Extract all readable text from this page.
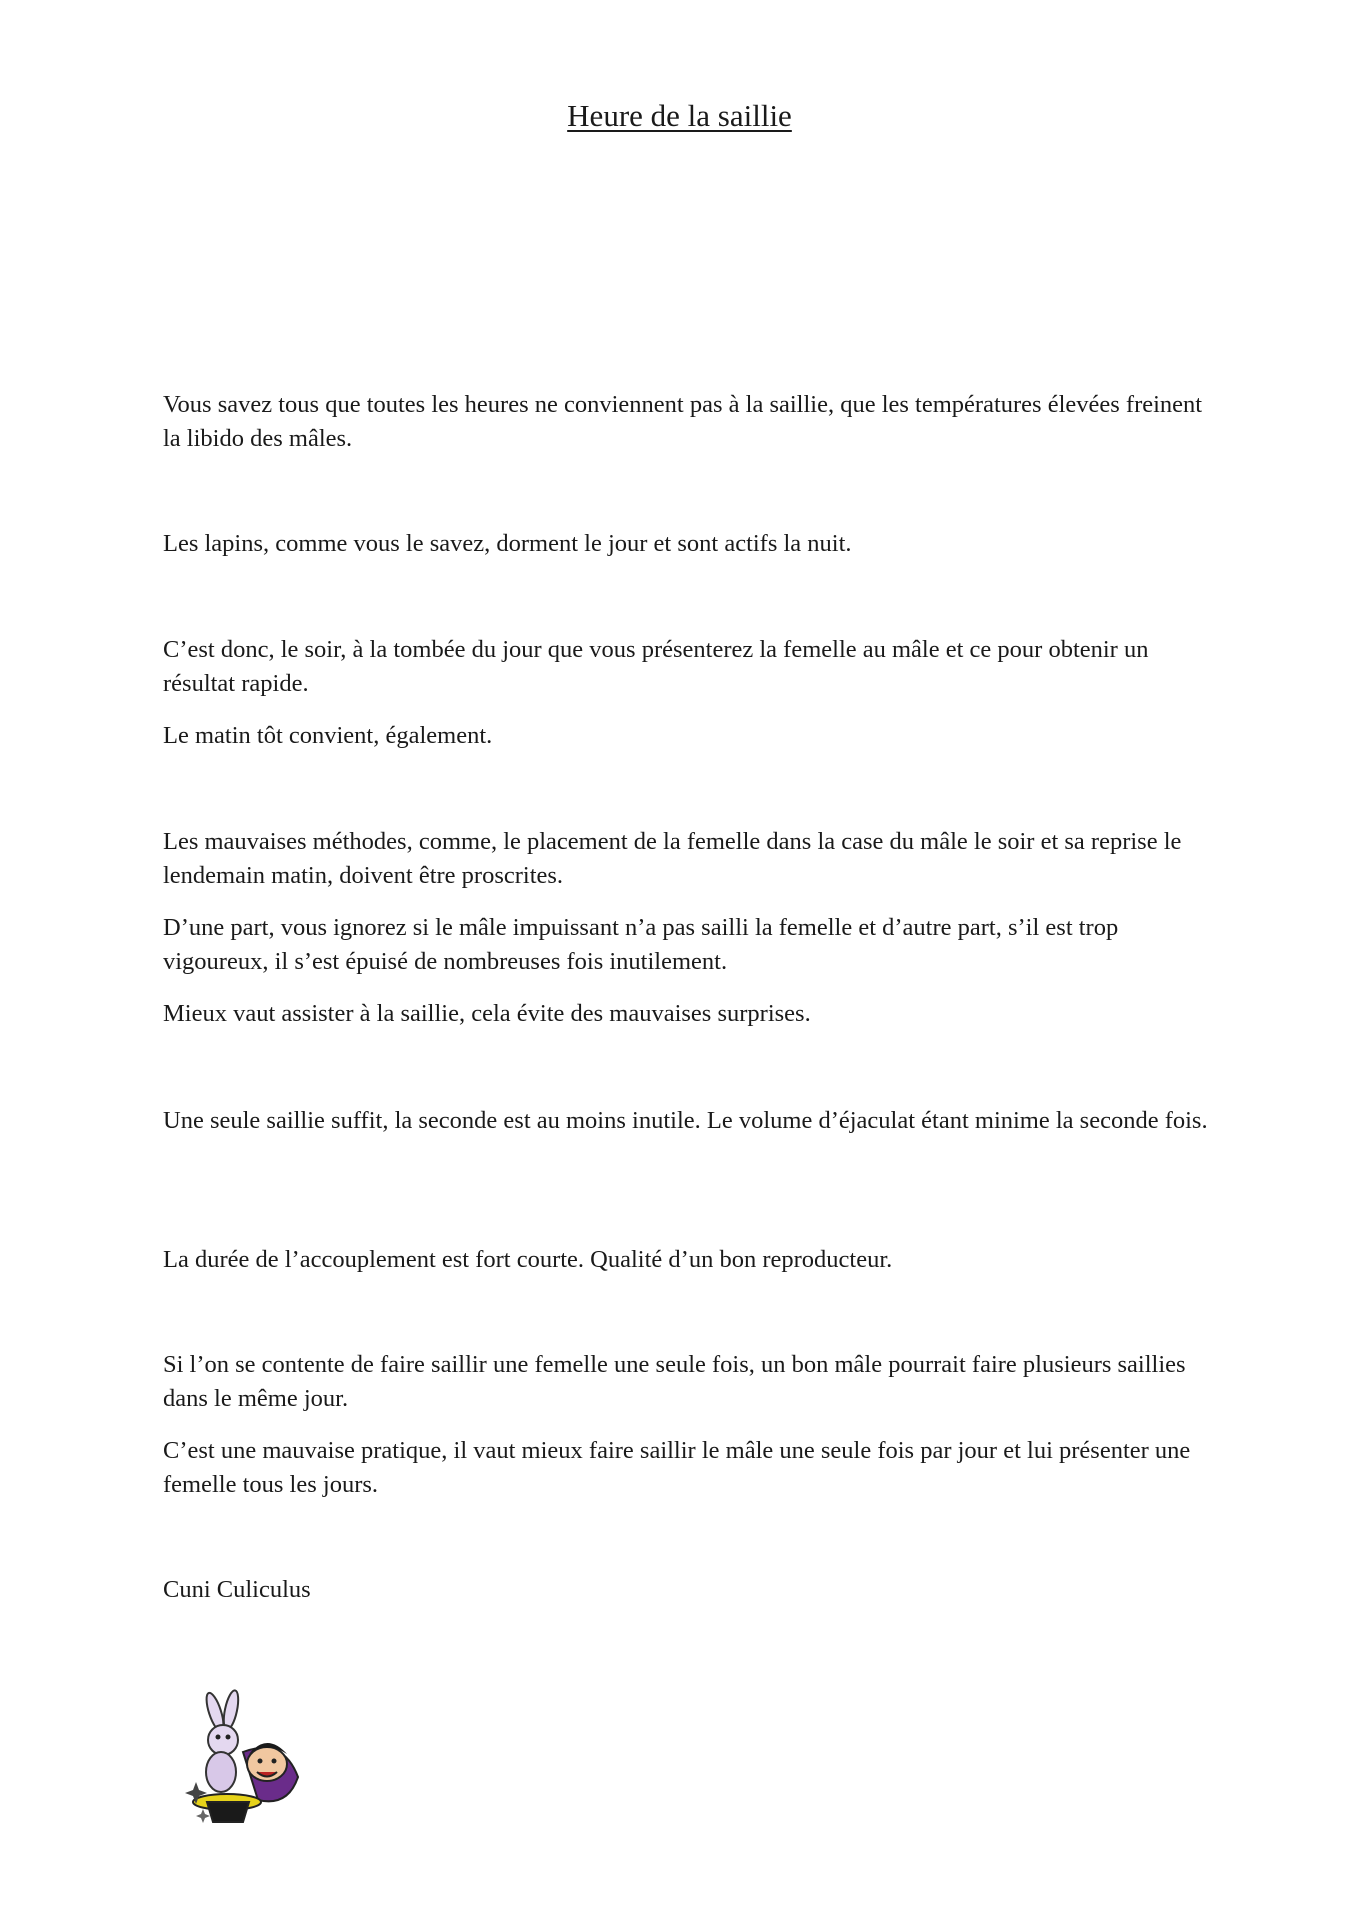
Heure de la saillie

Vous savez tous que toutes les heures ne conviennent pas à la saillie, que les températures élevées freinent la libido des mâles.

Les lapins, comme vous le savez, dorment le jour et sont actifs la nuit.

C’est donc, le soir, à la tombée du jour que vous présenterez la femelle au mâle et ce pour obtenir un résultat rapide.

Le matin tôt convient, également.

Les mauvaises méthodes, comme, le placement de la femelle dans la case du mâle le soir et sa reprise le lendemain matin, doivent être proscrites.

D’une part, vous ignorez si le mâle impuissant n’a pas sailli la femelle et d’autre part, s’il est trop vigoureux, il s’est épuisé de nombreuses fois inutilement.

Mieux vaut assister à la saillie, cela évite des mauvaises surprises.

Une seule saillie suffit, la seconde est au moins inutile. Le volume d’éjaculat étant minime la seconde fois.

La durée de l’accouplement est fort courte. Qualité d’un bon reproducteur.

Si l’on se contente de faire saillir une femelle une seule fois, un bon mâle pourrait faire plusieurs saillies dans le même jour.

C’est une mauvaise pratique, il vaut mieux faire saillir le mâle une seule fois par jour et lui présenter une femelle tous les jours.

Cuni Culiculus
